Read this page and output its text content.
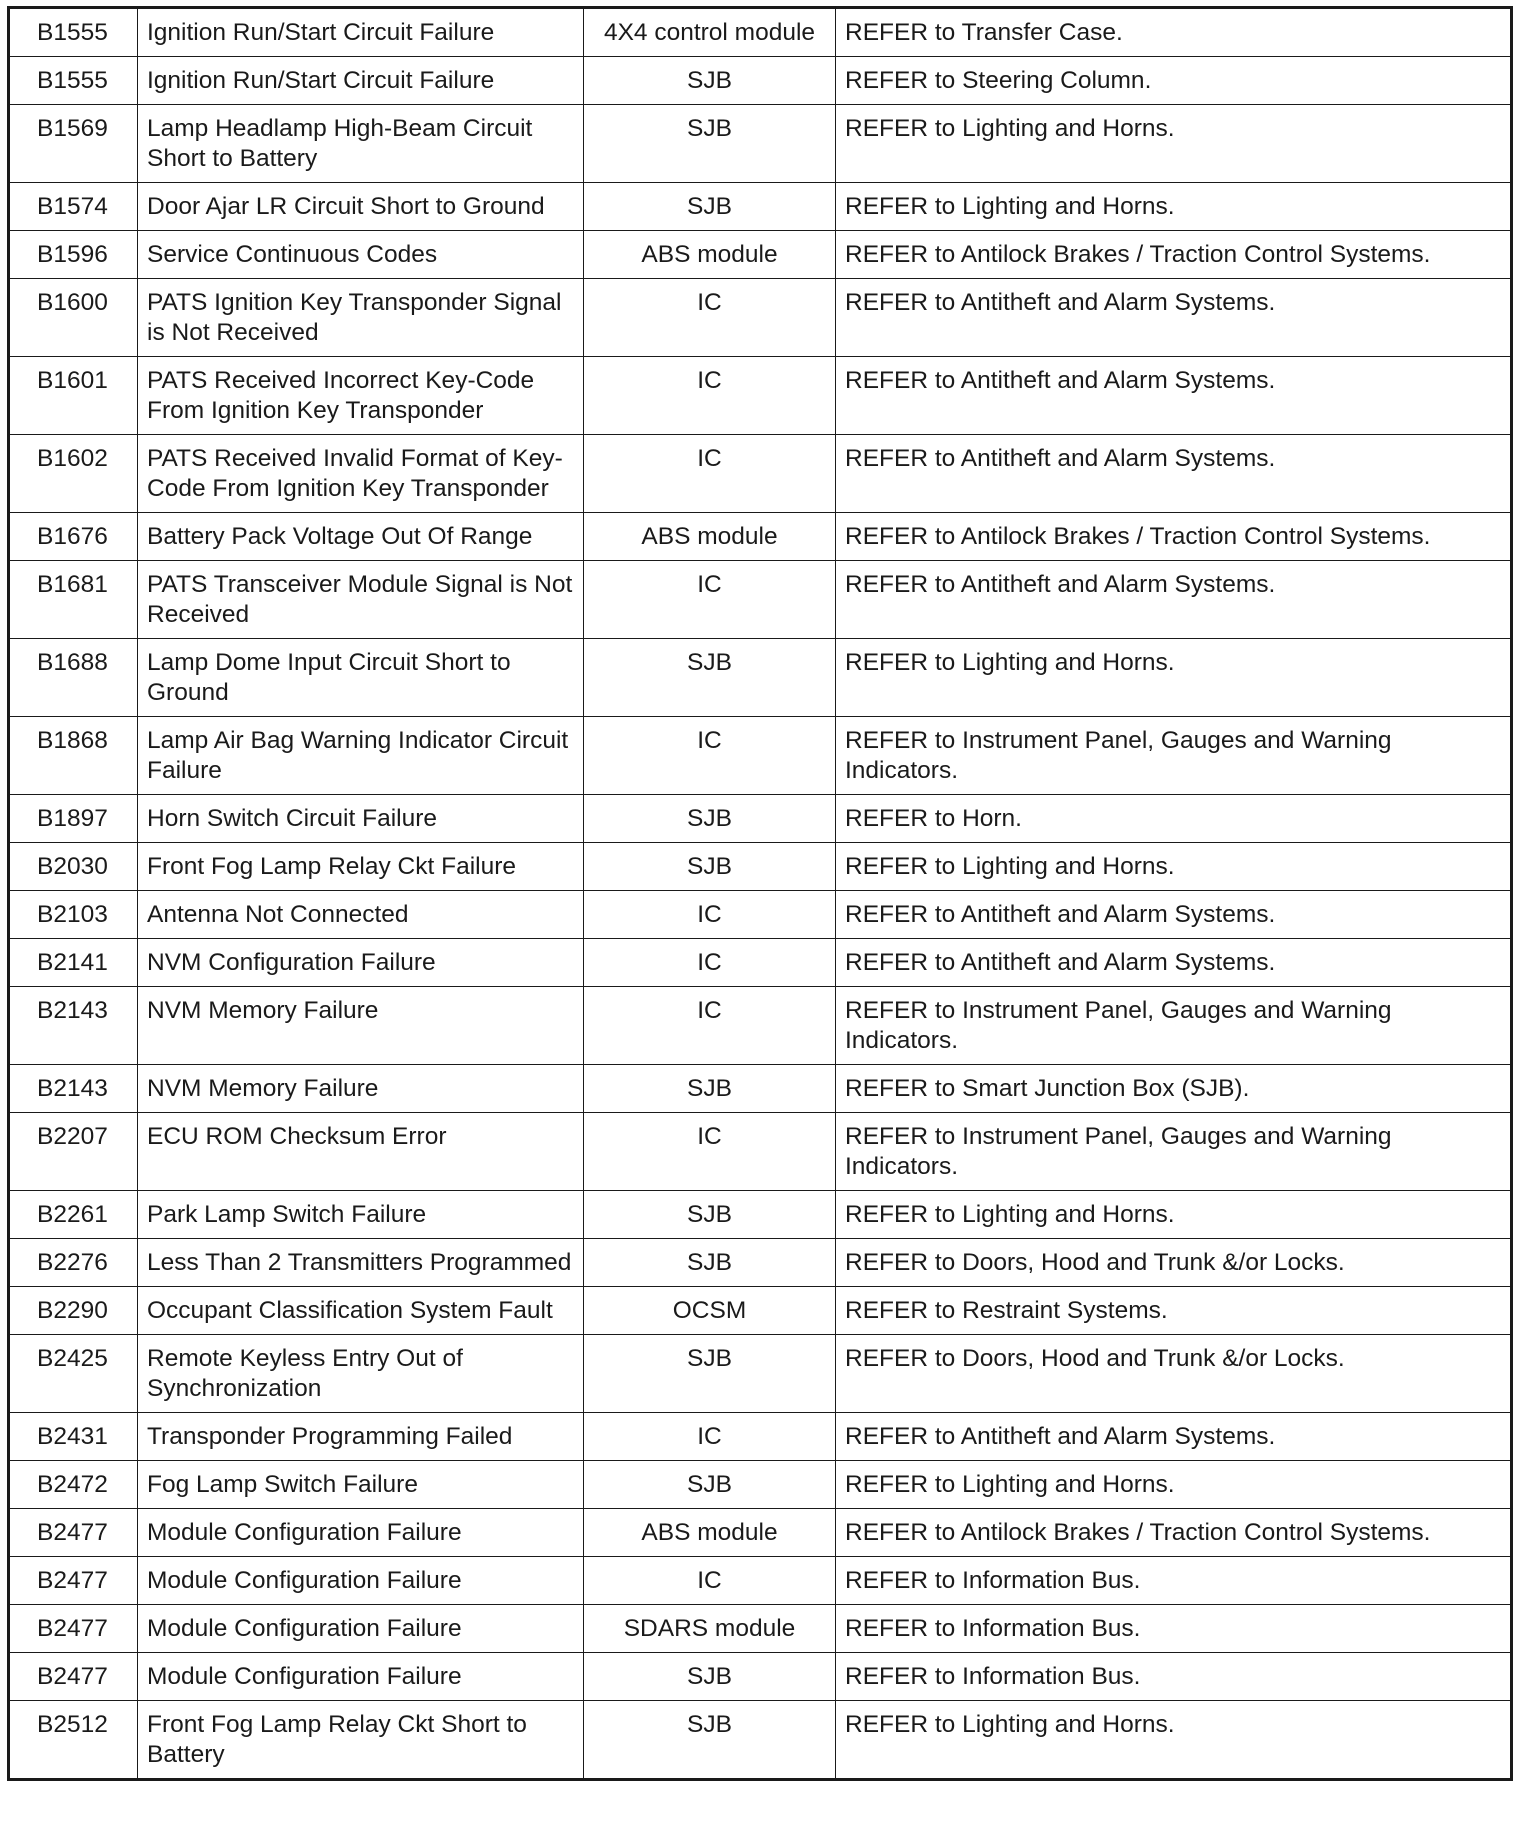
B1555	Ignition Run/Start Circuit Failure	4X4 control module	REFER to Transfer Case.
B1555	Ignition Run/Start Circuit Failure	SJB	REFER to Steering Column.
B1569	Lamp Headlamp High-Beam Circuit Short to Battery	SJB	REFER to Lighting and Horns.
B1574	Door Ajar LR Circuit Short to Ground	SJB	REFER to Lighting and Horns.
B1596	Service Continuous Codes	ABS module	REFER to Antilock Brakes / Traction Control Systems.
B1600	PATS Ignition Key Transponder Signal is Not Received	IC	REFER to Antitheft and Alarm Systems.
B1601	PATS Received Incorrect Key-Code From Ignition Key Transponder	IC	REFER to Antitheft and Alarm Systems.
B1602	PATS Received Invalid Format of Key-Code From Ignition Key Transponder	IC	REFER to Antitheft and Alarm Systems.
B1676	Battery Pack Voltage Out Of Range	ABS module	REFER to Antilock Brakes / Traction Control Systems.
B1681	PATS Transceiver Module Signal is Not Received	IC	REFER to Antitheft and Alarm Systems.
B1688	Lamp Dome Input Circuit Short to Ground	SJB	REFER to Lighting and Horns.
B1868	Lamp Air Bag Warning Indicator Circuit Failure	IC	REFER to Instrument Panel, Gauges and Warning Indicators.
B1897	Horn Switch Circuit Failure	SJB	REFER to Horn.
B2030	Front Fog Lamp Relay Ckt Failure	SJB	REFER to Lighting and Horns.
B2103	Antenna Not Connected	IC	REFER to Antitheft and Alarm Systems.
B2141	NVM Configuration Failure	IC	REFER to Antitheft and Alarm Systems.
B2143	NVM Memory Failure	IC	REFER to Instrument Panel, Gauges and Warning Indicators.
B2143	NVM Memory Failure	SJB	REFER to Smart Junction Box (SJB).
B2207	ECU ROM Checksum Error	IC	REFER to Instrument Panel, Gauges and Warning Indicators.
B2261	Park Lamp Switch Failure	SJB	REFER to Lighting and Horns.
B2276	Less Than 2 Transmitters Programmed	SJB	REFER to Doors, Hood and Trunk &/or Locks.
B2290	Occupant Classification System Fault	OCSM	REFER to Restraint Systems.
B2425	Remote Keyless Entry Out of Synchronization	SJB	REFER to Doors, Hood and Trunk &/or Locks.
B2431	Transponder Programming Failed	IC	REFER to Antitheft and Alarm Systems.
B2472	Fog Lamp Switch Failure	SJB	REFER to Lighting and Horns.
B2477	Module Configuration Failure	ABS module	REFER to Antilock Brakes / Traction Control Systems.
B2477	Module Configuration Failure	IC	REFER to Information Bus.
B2477	Module Configuration Failure	SDARS module	REFER to Information Bus.
B2477	Module Configuration Failure	SJB	REFER to Information Bus.
B2512	Front Fog Lamp Relay Ckt Short to Battery	SJB	REFER to Lighting and Horns.
